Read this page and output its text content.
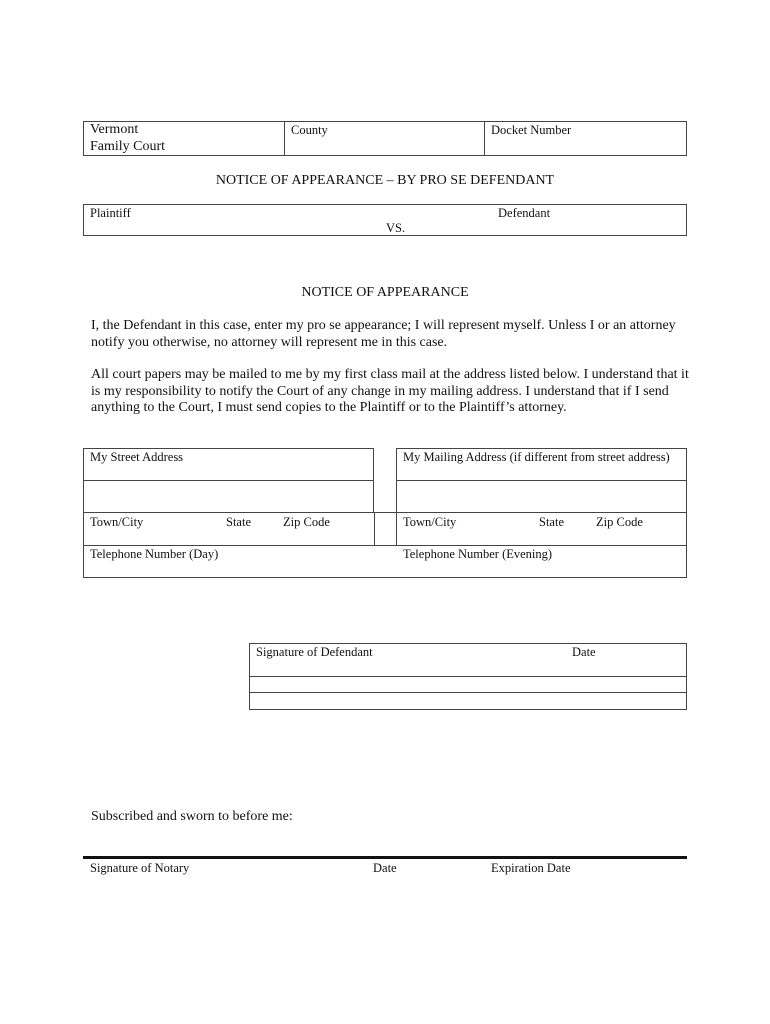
Vermont
Family Court
County	Docket Number
NOTICE OF APPEARANCE – BY PRO SE DEFENDANT
Plaintiff	Defendant
VS.
NOTICE OF APPEARANCE
I, the Defendant in this case, enter my pro se appearance; I will represent myself. Unless I or an attorney notify you otherwise, no attorney will represent me in this case.
All court papers may be mailed to me by my first class mail at the address listed below. I understand that it is my responsibility to notify the Court of any change in my mailing address. I understand that if I send anything to the Court, I must send copies to the Plaintiff or to the Plaintiff’s attorney.
My Street Address	My Mailing Address (if different from street address)
Town/City	State	Zip Code	Town/City	State	Zip Code
Telephone Number (Day)	Telephone Number (Evening)
Signature of Defendant	Date
Subscribed and sworn to before me:
Signature of Notary	Date	Expiration Date
